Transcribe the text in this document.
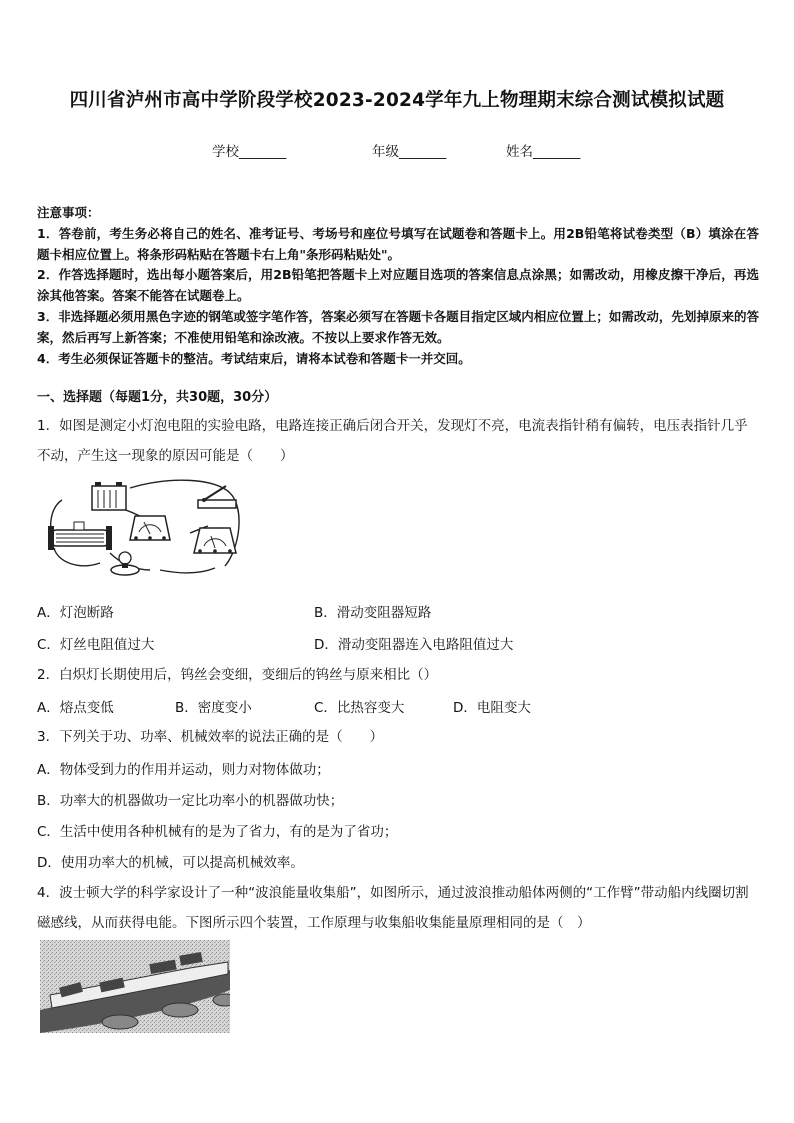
四川省泸州市高中学阶段学校2023-2024学年九上物理期末综合测试模拟试题
学校_______	年级_______	姓名_______

注意事项：

1．答卷前，考生务必将自己的姓名、准考证号、考场号和座位号填写在试题卷和答题卡上。用2B铅笔将试卷类型（B）填涂在答题卡相应位置上。将条形码粘贴在答题卡右上角"条形码粘贴处"。

2．作答选择题时，选出每小题答案后，用2B铅笔把答题卡上对应题目选项的答案信息点涂黑；如需改动，用橡皮擦干净后，再选涂其他答案。答案不能答在试题卷上。

3．非选择题必须用黑色字迹的钢笔或签字笔作答，答案必须写在答题卡各题目指定区域内相应位置上；如需改动，先划掉原来的答案，然后再写上新答案；不准使用铅笔和涂改液。不按以上要求作答无效。

4．考生必须保证答题卡的整洁。考试结束后，请将本试卷和答题卡一并交回。

一、选择题（每题1分，共30题，30分）

1．如图是测定小灯泡电阻的实验电路，电路连接正确后闭合开关，发现灯不亮，电流表指针稍有偏转，电压表指针几乎不动，产生这一现象的原因可能是（　　）

A．灯泡断路	B．滑动变阻器短路
C．灯丝电阻值过大	D．滑动变阻器连入电路阻值过大

2．白炽灯长期使用后，钨丝会变细，变细后的钨丝与原来相比（）

A．熔点变低	B．密度变小	C．比热容变大	D．电阻变大

3．下列关于功、功率、机械效率的说法正确的是（　　）

A．物体受到力的作用并运动，则力对物体做功；
B．功率大的机器做功一定比功率小的机器做功快；
C．生活中使用各种机械有的是为了省力，有的是为了省功；
D．使用功率大的机械，可以提高机械效率。

4．波士顿大学的科学家设计了一种“波浪能量收集船”，如图所示，通过波浪推动船体两侧的“工作臂”带动船内线圈切割磁感线，从而获得电能。下图所示四个装置，工作原理与收集船收集能量原理相同的是（　）
